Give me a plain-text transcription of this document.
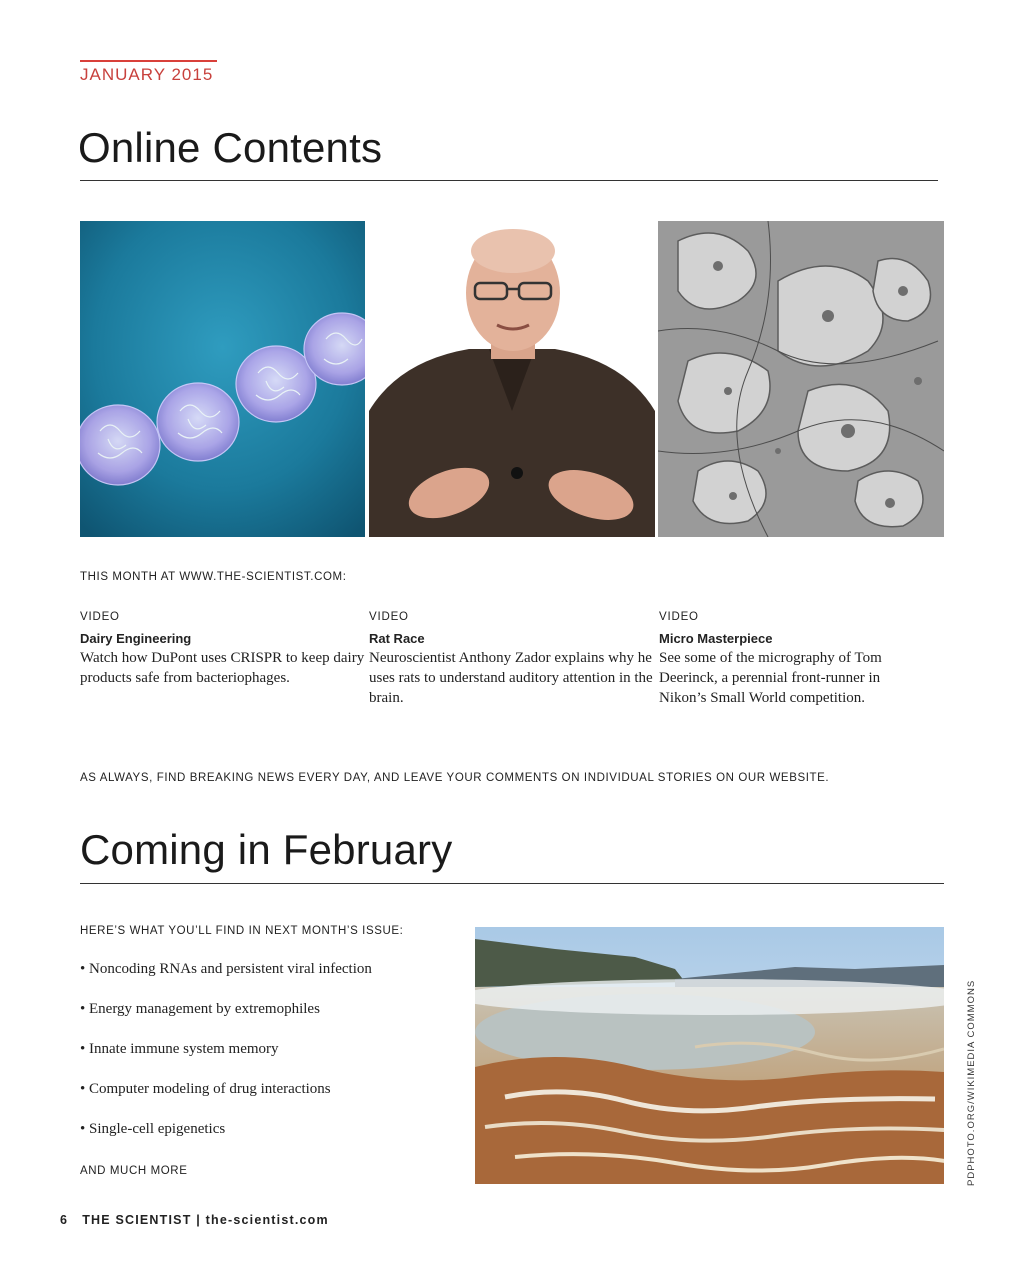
JANUARY 2015
Online Contents
THIS MONTH AT WWW.THE-SCIENTIST.COM:
VIDEO
Dairy Engineering
Watch how DuPont uses CRISPR to keep dairy products safe from bacteriophages.
VIDEO
Rat Race
Neuroscientist Anthony Zador explains why he uses rats to understand auditory attention in the brain.
VIDEO
Micro Masterpiece
See some of the micrography of Tom Deerinck, a perennial front-runner in Nikon’s Small World competition.
AS ALWAYS, FIND BREAKING NEWS EVERY DAY, AND LEAVE YOUR COMMENTS ON INDIVIDUAL STORIES ON OUR WEBSITE.
Coming in February
HERE’S WHAT YOU’LL FIND IN NEXT MONTH’S ISSUE:
• Noncoding RNAs and persistent viral infection
• Energy management by extremophiles
• Innate immune system memory
• Computer modeling of drug interactions
• Single-cell epigenetics
AND MUCH MORE	PDPHOTO.ORG/WIKIMEDIA COMMONS
6 THE SCIENTIST | the-scientist.com
